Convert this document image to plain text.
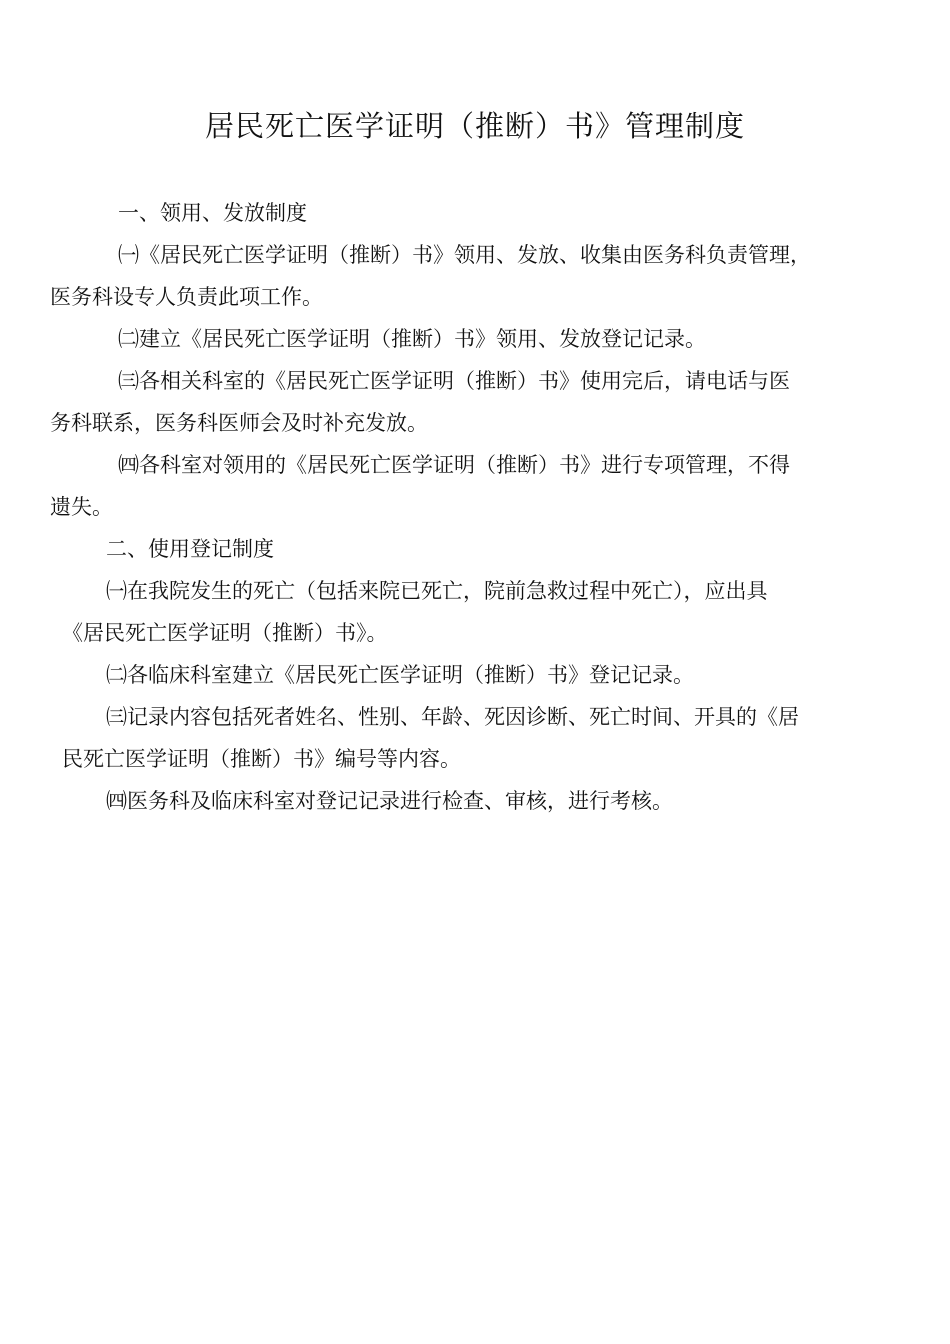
居民死亡医学证明（推断）书》管理制度
一、领用、发放制度

㈠《居民死亡医学证明（推断）书》领用、发放、收集由医务科负责管理，
医务科设专人负责此项工作。

㈡建立《居民死亡医学证明（推断）书》领用、发放登记记录。

㈢各相关科室的《居民死亡医学证明（推断）书》使用完后，请电话与医
务科联系，医务科医师会及时补充发放。

㈣各科室对领用的《居民死亡医学证明（推断）书》进行专项管理，不得
遗失。

二、使用登记制度

㈠在我院发生的死亡（包括来院已死亡，院前急救过程中死亡），应出具
《居民死亡医学证明（推断）书》。

㈡各临床科室建立《居民死亡医学证明（推断）书》登记记录。

㈢记录内容包括死者姓名、性别、年龄、死因诊断、死亡时间、开具的《居
民死亡医学证明（推断）书》编号等内容。

㈣医务科及临床科室对登记记录进行检查、审核，进行考核。
